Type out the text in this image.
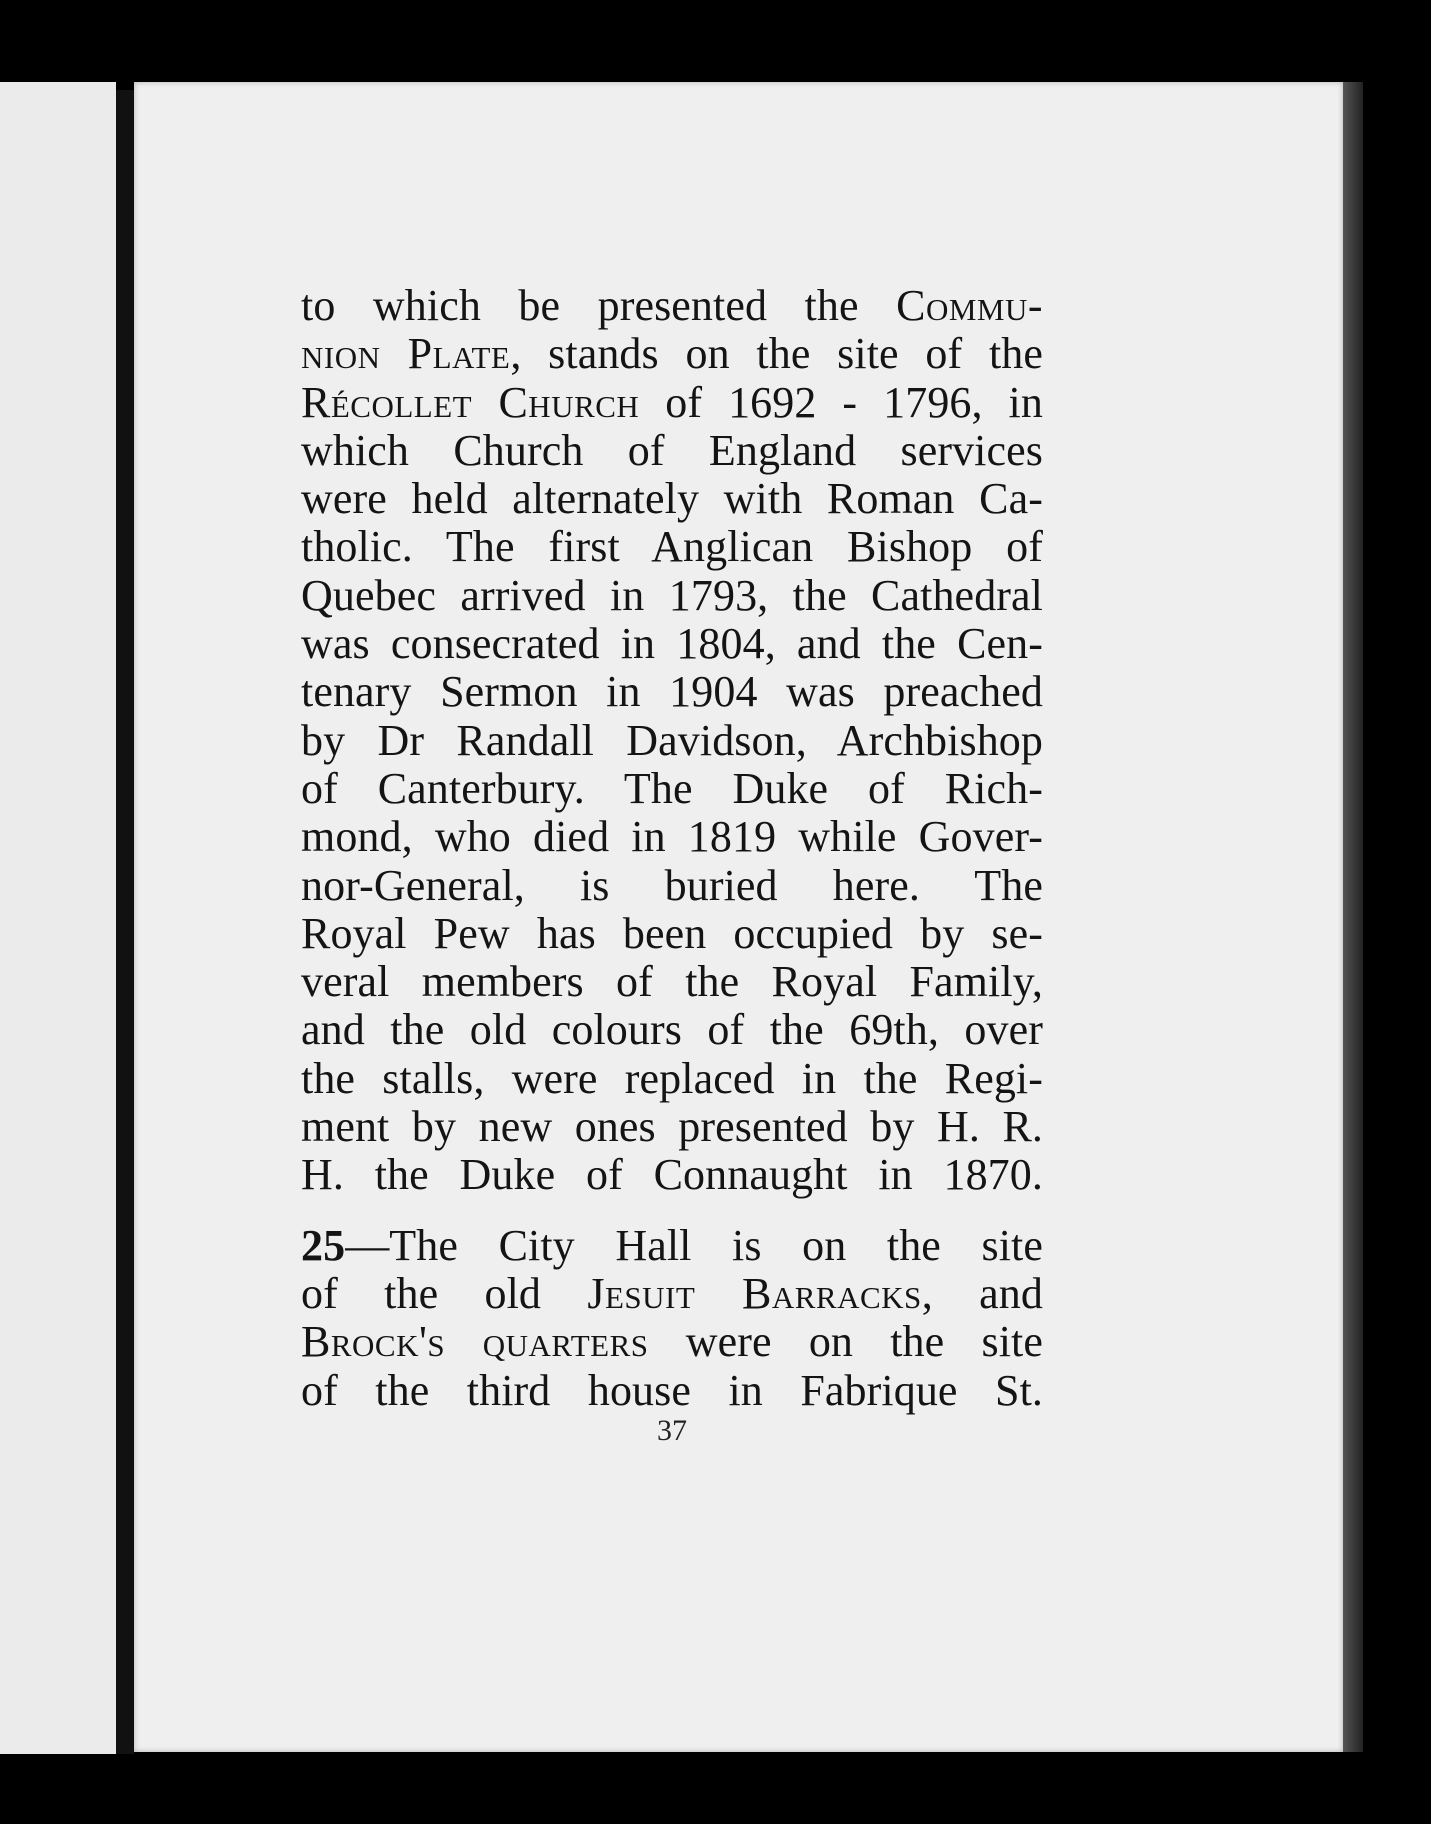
to which be presented the Commu-
nion Plate, stands on the site of the
Récollet Church of 1692 - 1796, in
which Church of England services
were held alternately with Roman Ca-
tholic. The first Anglican Bishop of
Quebec arrived in 1793, the Cathedral
was consecrated in 1804, and the Cen-
tenary Sermon in 1904 was preached
by Dr Randall Davidson, Archbishop
of Canterbury. The Duke of Rich-
mond, who died in 1819 while Gover-
nor-General, is buried here. The
Royal Pew has been occupied by se-
veral members of the Royal Family,
and the old colours of the 69th, over
the stalls, were replaced in the Regi-
ment by new ones presented by H. R.
H. the Duke of Connaught in 1870.
25—The City Hall is on the site
of the old Jesuit Barracks, and
Brock's quarters were on the site
of the third house in Fabrique St.
37
